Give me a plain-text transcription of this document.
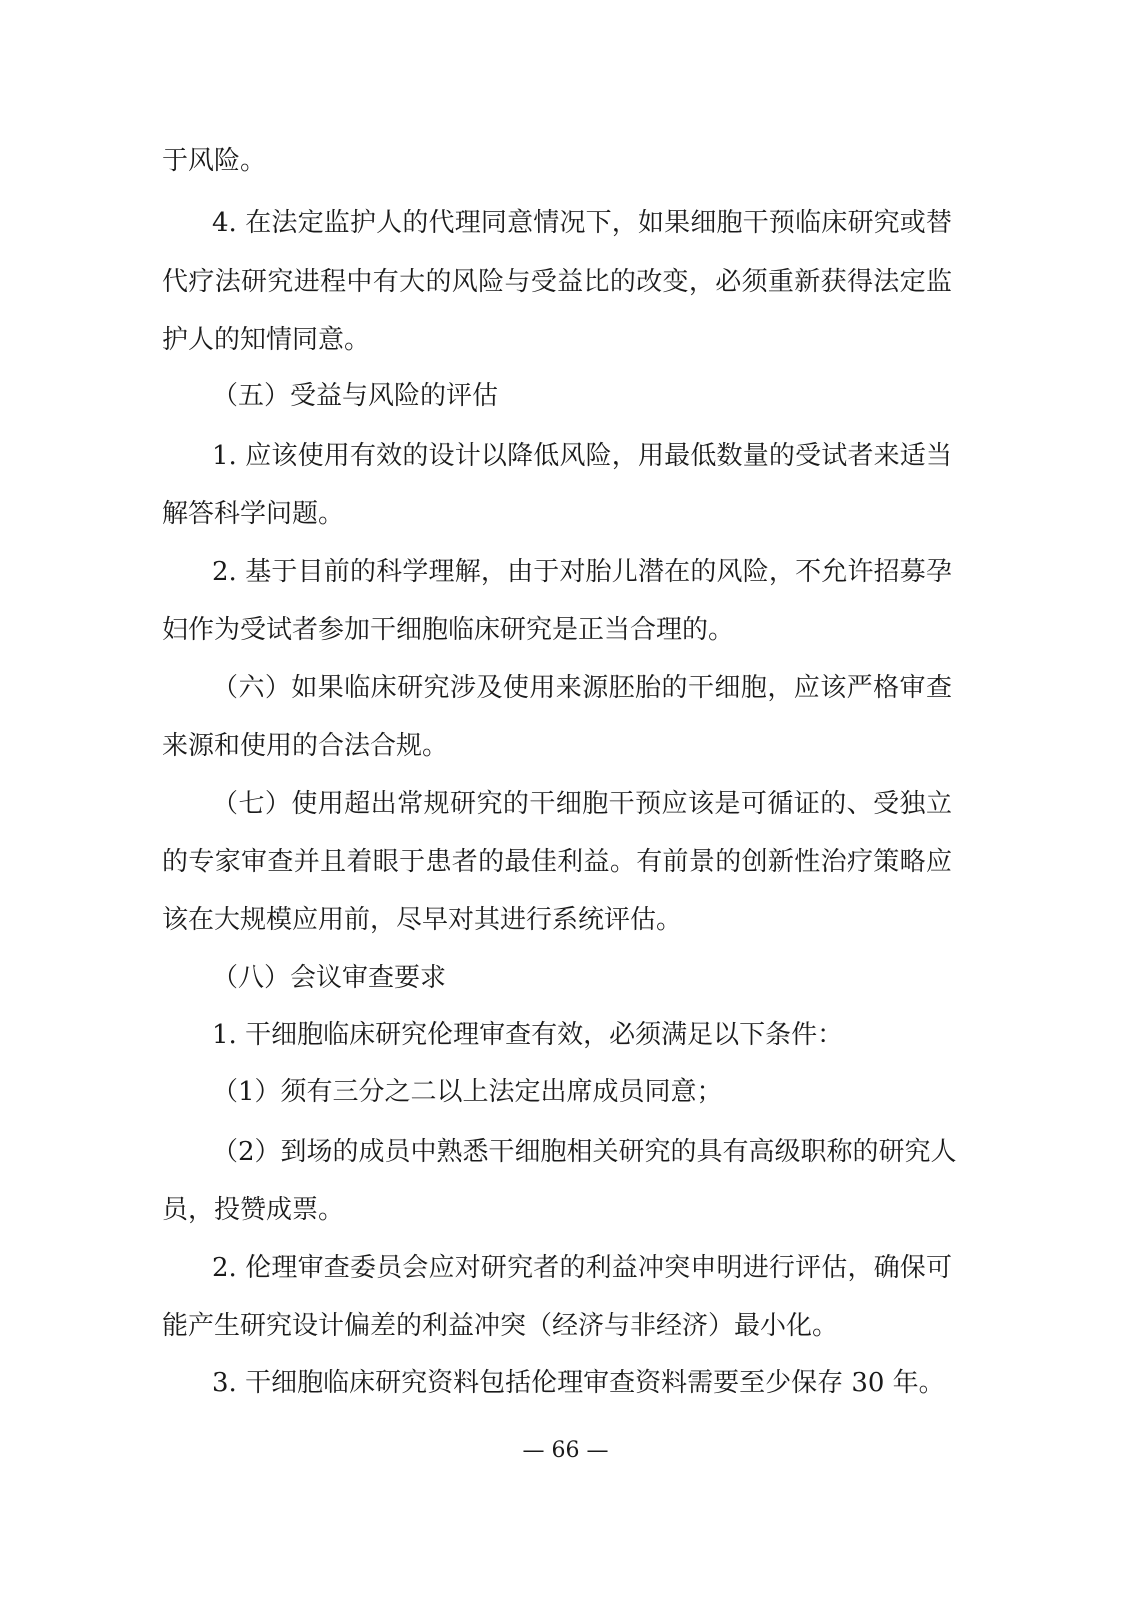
于风险。

4. 在法定监护人的代理同意情况下，如果细胞干预临床研究或替

代疗法研究进程中有大的风险与受益比的改变，必须重新获得法定监

护人的知情同意。

（五）受益与风险的评估

1. 应该使用有效的设计以降低风险，用最低数量的受试者来适当

解答科学问题。

2. 基于目前的科学理解，由于对胎儿潜在的风险，不允许招募孕

妇作为受试者参加干细胞临床研究是正当合理的。

（六）如果临床研究涉及使用来源胚胎的干细胞，应该严格审查

来源和使用的合法合规。

（七）使用超出常规研究的干细胞干预应该是可循证的、受独立

的专家审查并且着眼于患者的最佳利益。有前景的创新性治疗策略应

该在大规模应用前，尽早对其进行系统评估。

（八）会议审查要求

1. 干细胞临床研究伦理审查有效，必须满足以下条件：

（1）须有三分之二以上法定出席成员同意；

（2）到场的成员中熟悉干细胞相关研究的具有高级职称的研究人

员，投赞成票。

2. 伦理审查委员会应对研究者的利益冲突申明进行评估，确保可

能产生研究设计偏差的利益冲突（经济与非经济）最小化。

3. 干细胞临床研究资料包括伦理审查资料需要至少保存 30 年。

— 66 —
